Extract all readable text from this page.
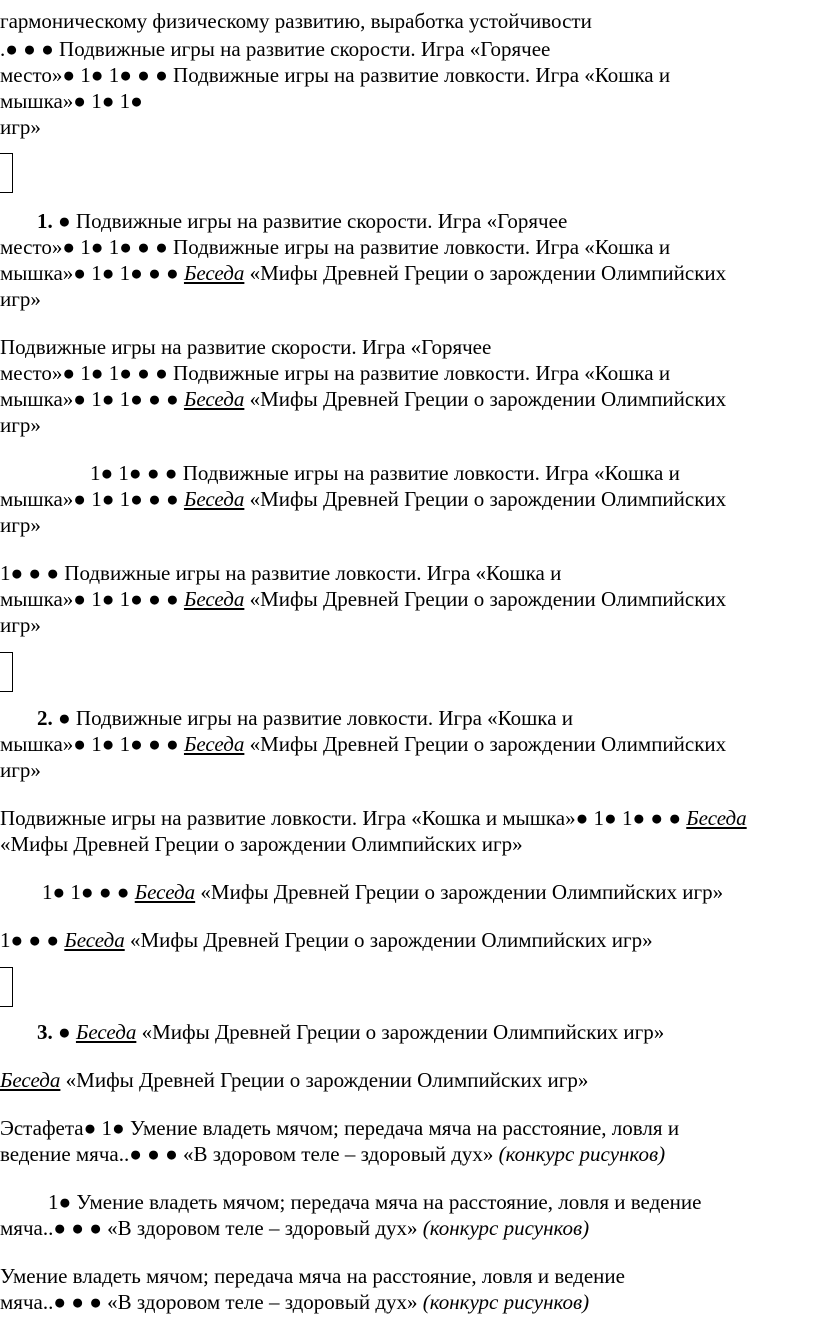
гармоническому физическому развитию, выработка устойчивости
.● ● ● Подвижные игры на развитие скорости. Игра «Горячее
место»● 1● 1● ● ● Подвижные игры на развитие ловкости. Игра «Кошка и
мышка»● 1● 1●
игр»
1. ● Подвижные игры на развитие скорости. Игра «Горячее
место»● 1● 1● ● ● Подвижные игры на развитие ловкости. Игра «Кошка и
мышка»● 1● 1● ● ● Беседа «Мифы Древней Греции о зарождении Олимпийских
игр»
Подвижные игры на развитие скорости. Игра «Горячее
место»● 1● 1● ● ● Подвижные игры на развитие ловкости. Игра «Кошка и
мышка»● 1● 1● ● ● Беседа «Мифы Древней Греции о зарождении Олимпийских
игр»
1● 1● ● ● Подвижные игры на развитие ловкости. Игра «Кошка и
мышка»● 1● 1● ● ● Беседа «Мифы Древней Греции о зарождении Олимпийских
игр»
1● ● ● Подвижные игры на развитие ловкости. Игра «Кошка и
мышка»● 1● 1● ● ● Беседа «Мифы Древней Греции о зарождении Олимпийских
игр»
2. ● Подвижные игры на развитие ловкости. Игра «Кошка и
мышка»● 1● 1● ● ● Беседа «Мифы Древней Греции о зарождении Олимпийских
игр»
Подвижные игры на развитие ловкости. Игра «Кошка и мышка»● 1● 1● ● ● Беседа
«Мифы Древней Греции о зарождении Олимпийских игр»
1● 1● ● ● Беседа «Мифы Древней Греции о зарождении Олимпийских игр»
1● ● ● Беседа «Мифы Древней Греции о зарождении Олимпийских игр»
3. ● Беседа «Мифы Древней Греции о зарождении Олимпийских игр»
Беседа «Мифы Древней Греции о зарождении Олимпийских игр»
Эстафета● 1● Умение владеть мячом; передача мяча на расстояние, ловля и
ведение мяча..● ● ● «В здоровом теле – здоровый дух» (конкурс рисунков)
1● Умение владеть мячом; передача мяча на расстояние, ловля и ведение
мяча..● ● ● «В здоровом теле – здоровый дух» (конкурс рисунков)
Умение владеть мячом; передача мяча на расстояние, ловля и ведение
мяча..● ● ● «В здоровом теле – здоровый дух» (конкурс рисунков)
